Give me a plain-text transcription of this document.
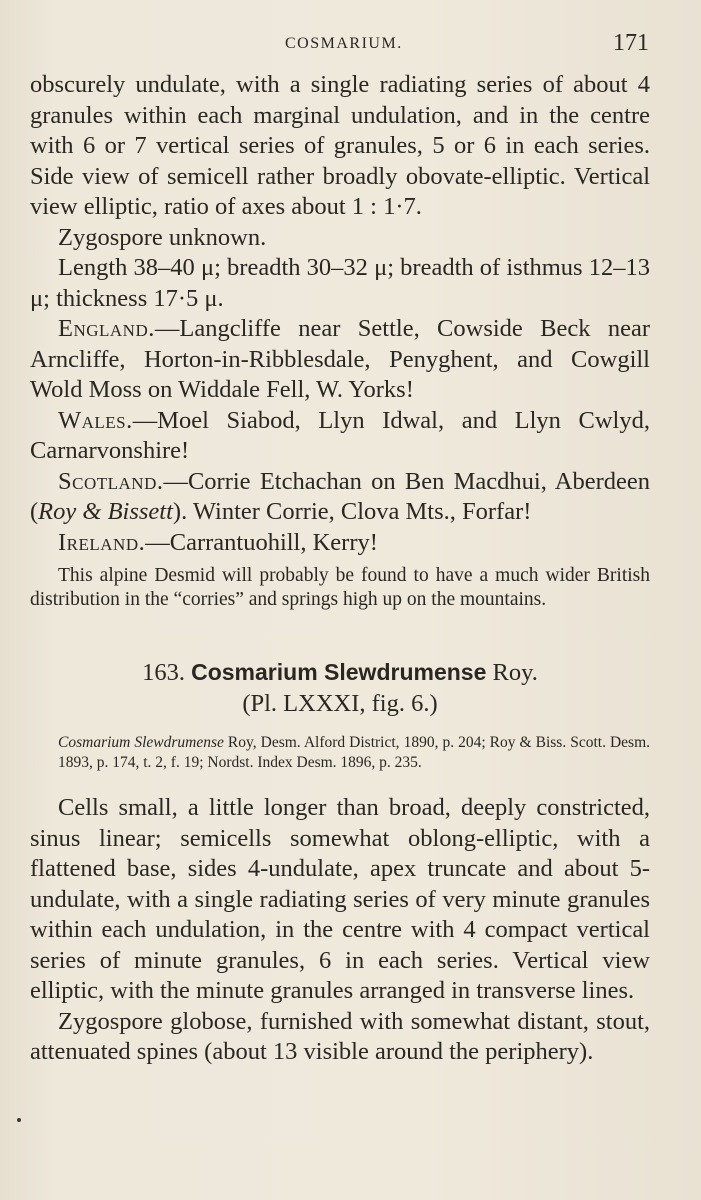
COSMARIUM.	171

obscurely undulate, with a single radiating series of about 4 granules within each marginal undulation, and in the centre with 6 or 7 vertical series of granules, 5 or 6 in each series. Side view of semicell rather broadly obovate-elliptic. Vertical view elliptic, ratio of axes about 1 : 1·7.

Zygospore unknown.

Length 38–40 μ; breadth 30–32 μ; breadth of isthmus 12–13 μ; thickness 17·5 μ.

England.—Langcliffe near Settle, Cowside Beck near Arncliffe, Horton-in-Ribblesdale, Penyghent, and Cowgill Wold Moss on Widdale Fell, W. Yorks!

Wales.—Moel Siabod, Llyn Idwal, and Llyn Cwlyd, Carnarvonshire!

Scotland.—Corrie Etchachan on Ben Macdhui, Aberdeen (Roy & Bissett). Winter Corrie, Clova Mts., Forfar!

Ireland.—Carrantuohill, Kerry!

This alpine Desmid will probably be found to have a much wider British distribution in the “corries” and springs high up on the mountains.

163. Cosmarium Slewdrumense Roy.

(Pl. LXXXI, fig. 6.)

Cosmarium Slewdrumense Roy, Desm. Alford District, 1890, p. 204; Roy & Biss. Scott. Desm. 1893, p. 174, t. 2, f. 19; Nordst. Index Desm. 1896, p. 235.

Cells small, a little longer than broad, deeply constricted, sinus linear; semicells somewhat oblong-elliptic, with a flattened base, sides 4-undulate, apex truncate and about 5-undulate, with a single radiating series of very minute granules within each undulation, in the centre with 4 compact vertical series of minute granules, 6 in each series. Vertical view elliptic, with the minute granules arranged in transverse lines.

Zygospore globose, furnished with somewhat distant, stout, attenuated spines (about 13 visible around the periphery).
